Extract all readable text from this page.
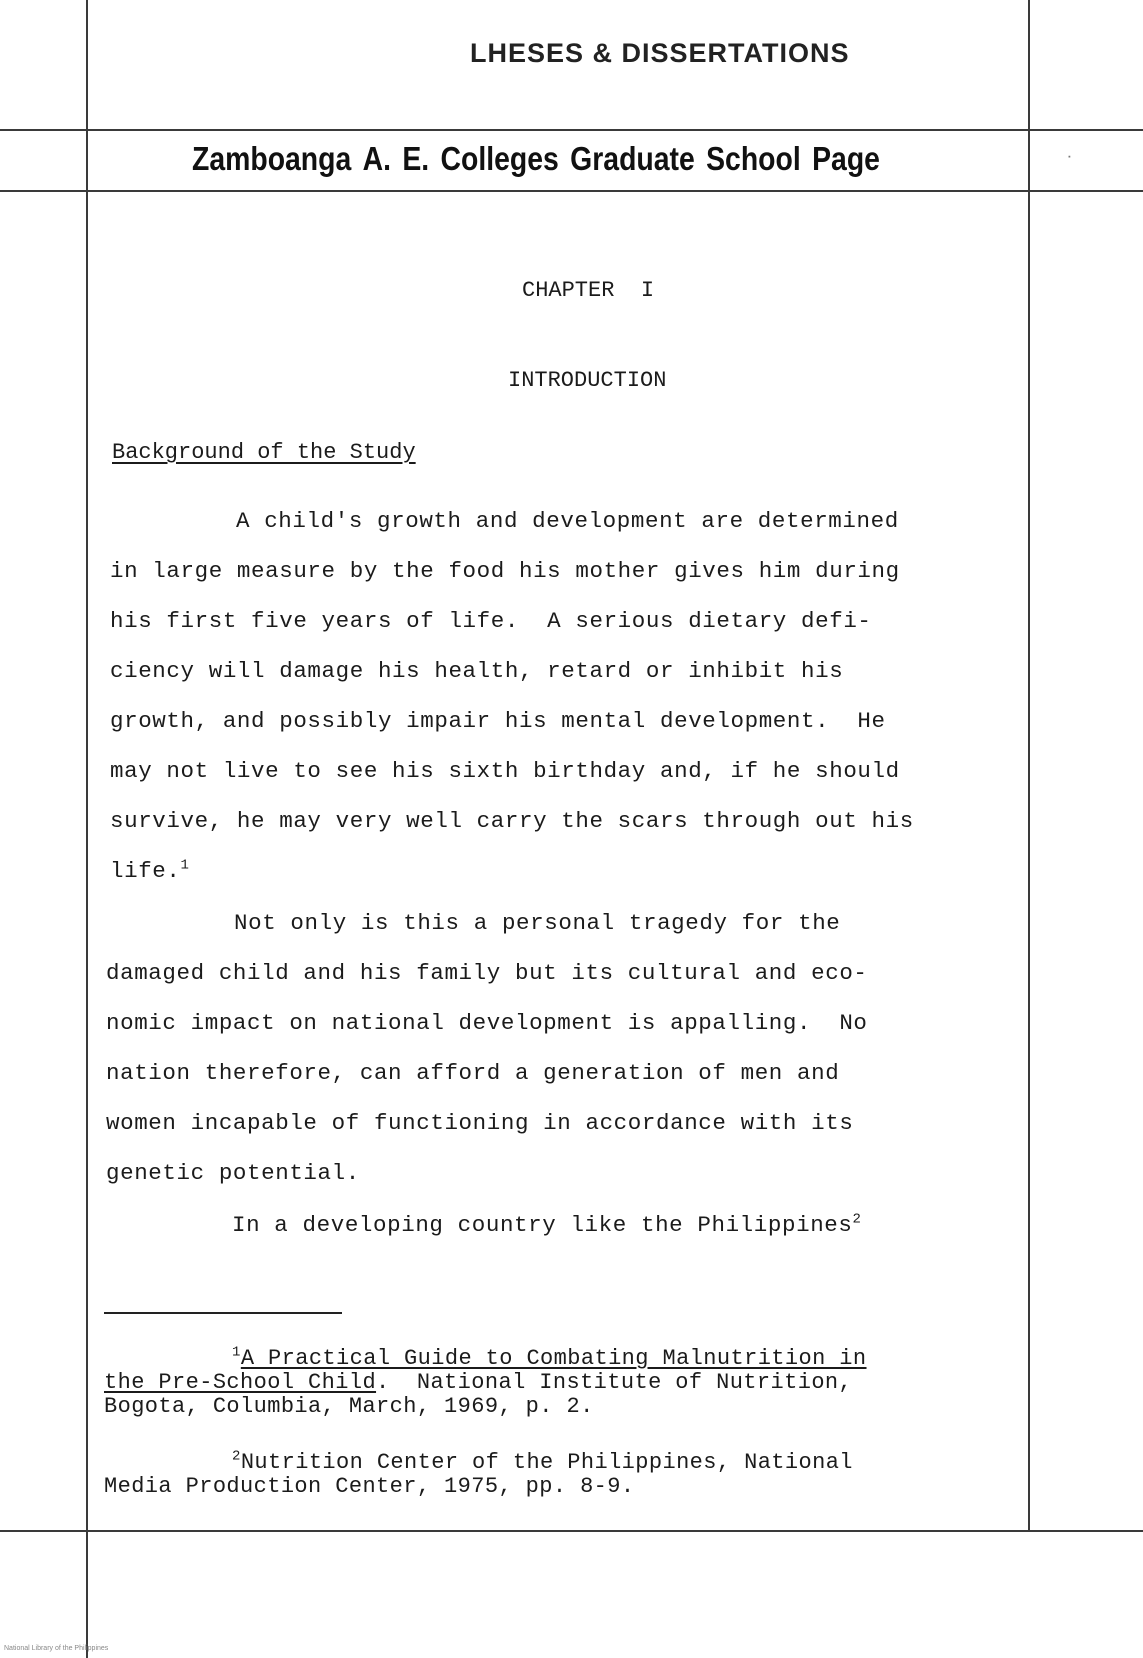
LHESES & DISSERTATIONS
Zamboanga A. E. Colleges Graduate School Page	˙
CHAPTER  I
INTRODUCTION
Background of the Study
A child's growth and development are determined
in large measure by the food his mother gives him during
his first five years of life.  A serious dietary defi-
ciency will damage his health, retard or inhibit his
growth, and possibly impair his mental development.  He
may not live to see his sixth birthday and, if he should
survive, he may very well carry the scars through out his
life.$^1$
Not only is this a personal tragedy for the
damaged child and his family but its cultural and eco-
nomic impact on national development is appalling.  No
nation therefore, can afford a generation of men and
women incapable of functioning in accordance with its
genetic potential.
In a developing country like the Philippines$^2$
$^1$A Practical Guide to Combating Malnutrition in
the Pre-School Child.  National Institute of Nutrition,
Bogota, Columbia, March, 1969, p. 2.
$^2$Nutrition Center of the Philippines, National
Media Production Center, 1975, pp. 8-9.
National Library of the Philippines
